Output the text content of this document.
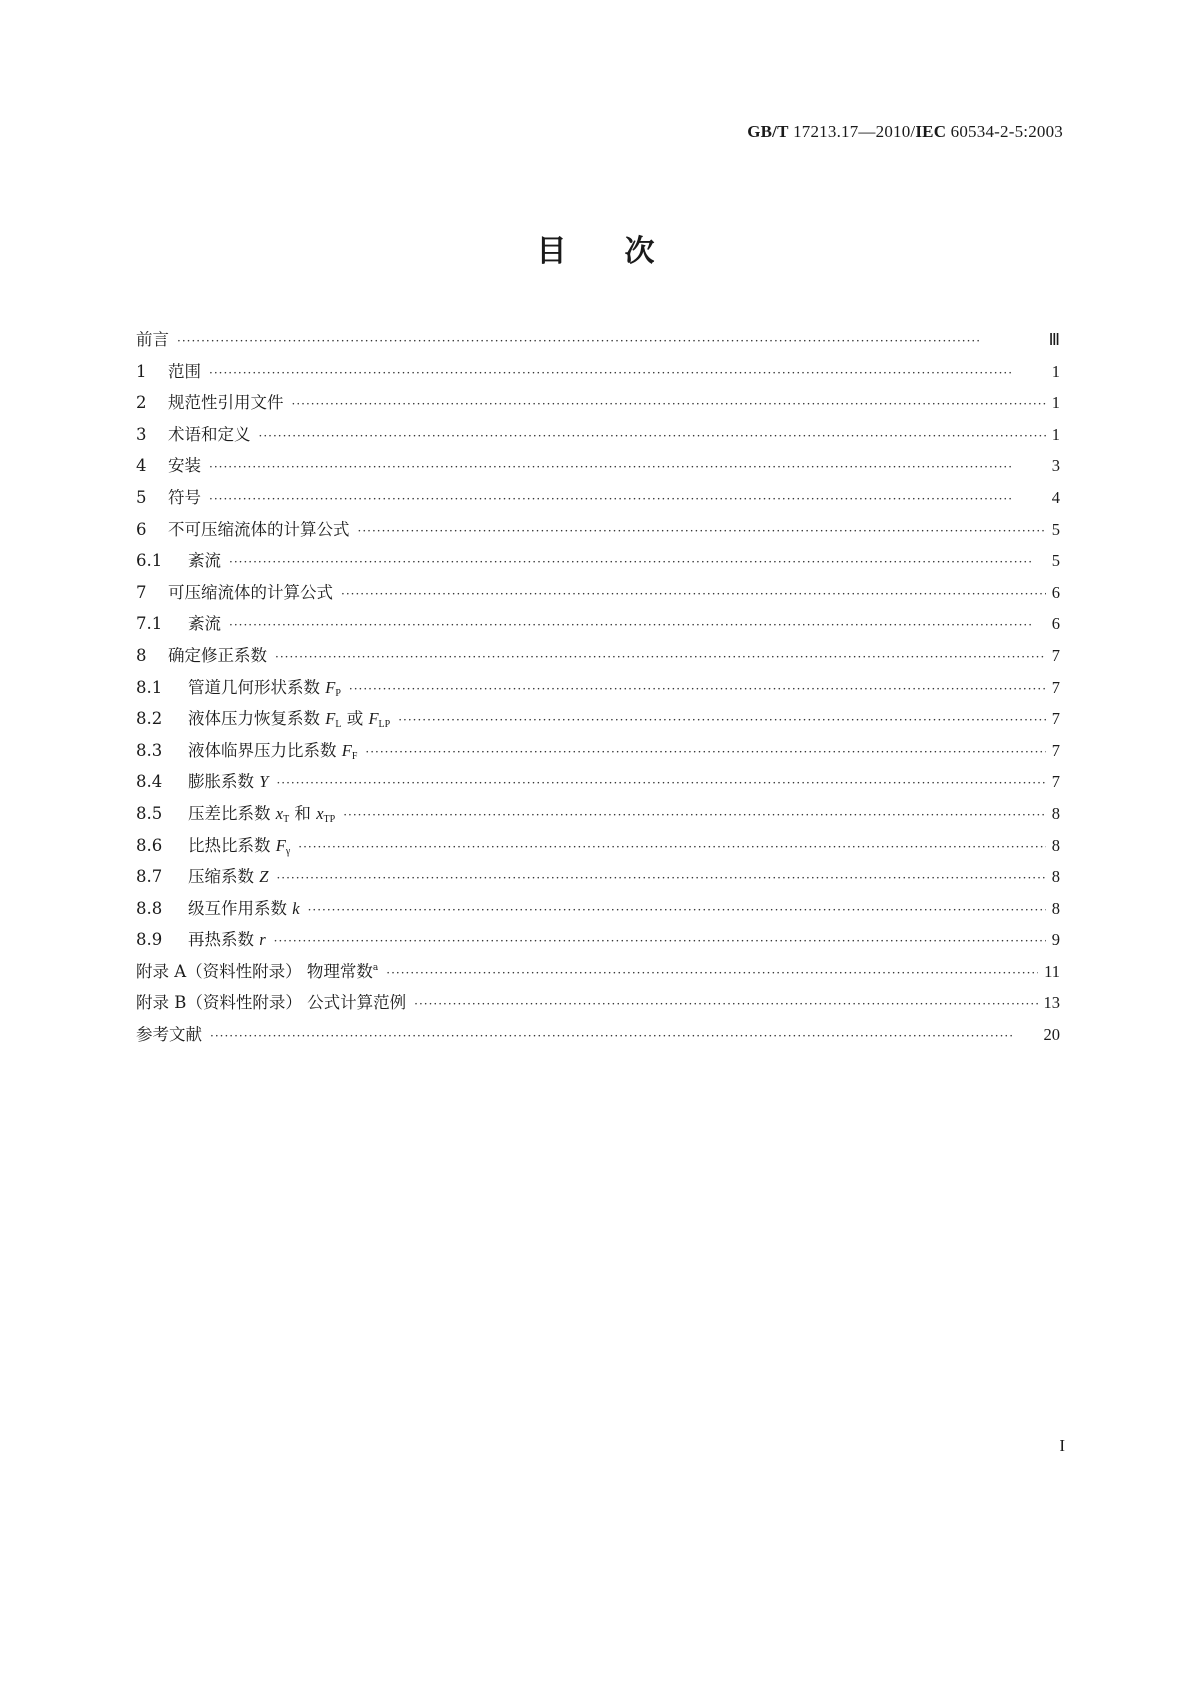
GB/T 17213.17—2010/IEC 60534-2-5:2003
目次
前言 ·····	Ⅲ
1	范围 ·····	1
2	规范性引用文件 ·····	1
3	术语和定义 ·····	1
4	安装 ·····	3
5	符号 ·····	4
6	不可压缩流体的计算公式 ·····	5
6.1	紊流 ·····	5
7	可压缩流体的计算公式 ·····	6
7.1	紊流 ·····	6
8	确定修正系数 ·····	7
8.1	管道几何形状系数 $F_P$ ·····	7
8.2	液体压力恢复系数 $F_L$ 或 $F_{LP}$ ·····	7
8.3	液体临界压力比系数 $F_F$ ·····	7
8.4	膨胀系数 Y ·····	7
8.5	压差比系数 $x_T$ 和 $x_{TP}$ ·····	8
8.6	比热比系数 $F_\gamma$ ·····	8
8.7	压缩系数 Z ·····	8
8.8	级互作用系数 k ·····	8
8.9	再热系数 r ·····	9
附录 A（资料性附录） 物理常数$^a$ ·····	11
附录 B（资料性附录） 公式计算范例 ·····	13
参考文献 ·····	20
I
